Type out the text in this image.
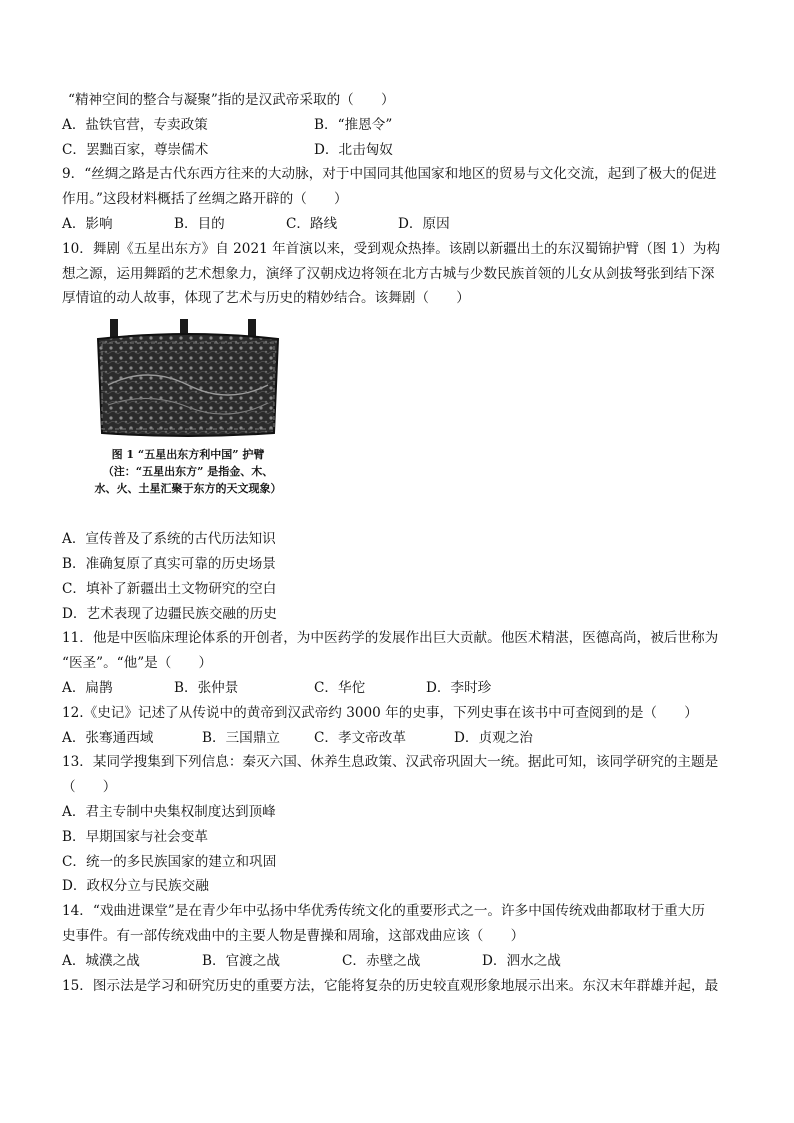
“精神空间的整合与凝聚”指的是汉武帝采取的（　　）
A．盐铁官营，专卖政策	B．“推恩令”
C．罢黜百家，尊崇儒术	D．北击匈奴
9．“丝绸之路是古代东西方往来的大动脉，对于中国同其他国家和地区的贸易与文化交流，起到了极大的促进
作用。”这段材料概括了丝绸之路开辟的（　　）
A．影响	B．目的	C．路线	D．原因
10．舞剧《五星出东方》自 2021 年首演以来，受到观众热捧。该剧以新疆出土的东汉蜀锦护臂（图 1）为构
想之源，运用舞蹈的艺术想象力，演绎了汉朝戍边将领在北方古城与少数民族首领的儿女从剑拔弩张到结下深
厚情谊的动人故事，体现了艺术与历史的精妙结合。该舞剧（　　）
图 1 “五星出东方利中国” 护臂
（注：“五星出东方” 是指金、木、
水、火、土星汇聚于东方的天文现象）
A．宣传普及了系统的古代历法知识
B．准确复原了真实可靠的历史场景
C．填补了新疆出土文物研究的空白
D．艺术表现了边疆民族交融的历史
11．他是中医临床理论体系的开创者，为中医药学的发展作出巨大贡献。他医术精湛，医德高尚，被后世称为
“医圣”。“他”是（　　）
A．扁鹊	B．张仲景	C．华佗	D．李时珍
12.《史记》记述了从传说中的黄帝到汉武帝约 3000 年的史事，下列史事在该书中可查阅到的是（　　）
A．张骞通西域	B．三国鼎立	C．孝文帝改革	D．贞观之治
13．某同学搜集到下列信息：秦灭六国、休养生息政策、汉武帝巩固大一统。据此可知，该同学研究的主题是
（　　）
A．君主专制中央集权制度达到顶峰
B．早期国家与社会变革
C．统一的多民族国家的建立和巩固
D．政权分立与民族交融
14．“戏曲进课堂”是在青少年中弘扬中华优秀传统文化的重要形式之一。许多中国传统戏曲都取材于重大历
史事件。有一部传统戏曲中的主要人物是曹操和周瑜，这部戏曲应该（　　）
A．城濮之战	B．官渡之战	C．赤壁之战	D．泗水之战
15．图示法是学习和研究历史的重要方法，它能将复杂的历史较直观形象地展示出来。东汉末年群雄并起，最
